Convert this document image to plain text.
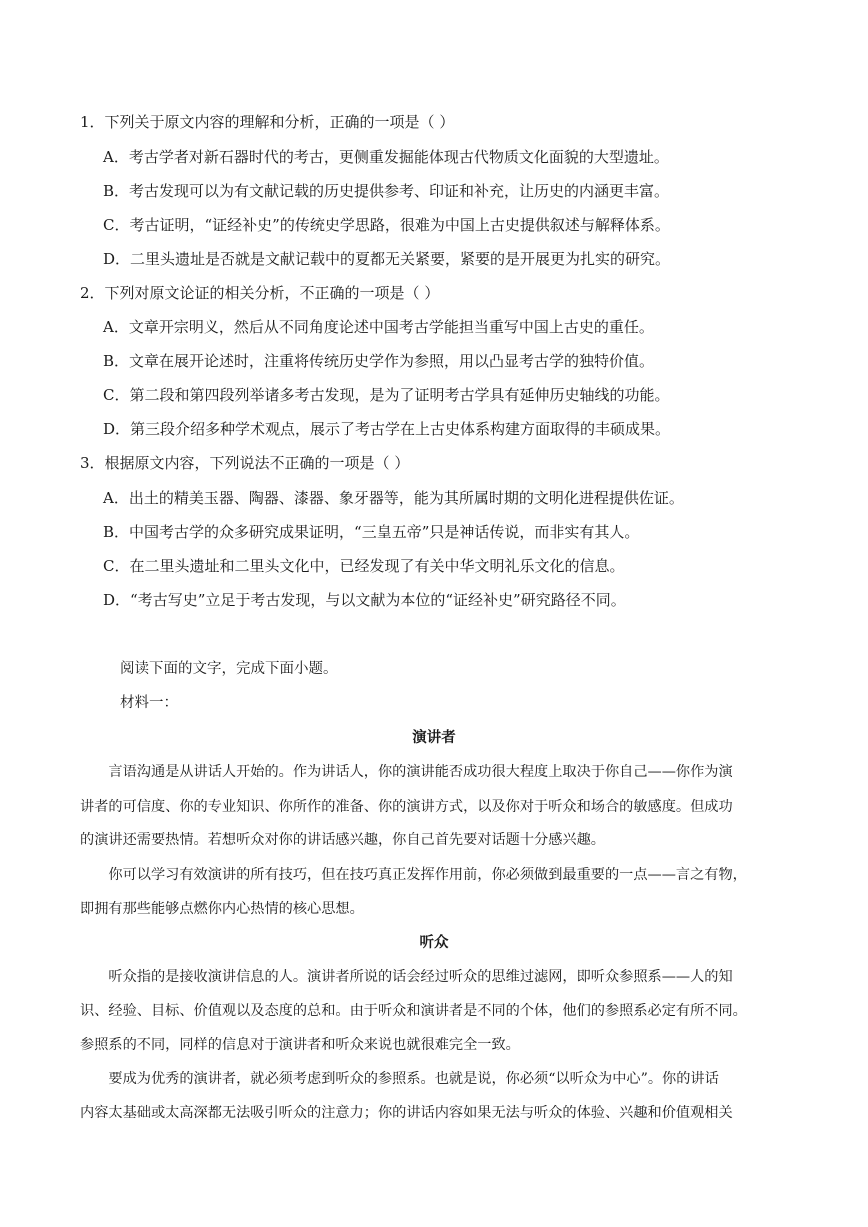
1．下列关于原文内容的理解和分析，正确的一项是（ ）
A．考古学者对新石器时代的考古，更侧重发掘能体现古代物质文化面貌的大型遗址。
B．考古发现可以为有文献记载的历史提供参考、印证和补充，让历史的内涵更丰富。
C．考古证明，“证经补史”的传统史学思路，很难为中国上古史提供叙述与解释体系。
D．二里头遗址是否就是文献记载中的夏都无关紧要，紧要的是开展更为扎实的研究。
2．下列对原文论证的相关分析，不正确的一项是（ ）
A．文章开宗明义，然后从不同角度论述中国考古学能担当重写中国上古史的重任。
B．文章在展开论述时，注重将传统历史学作为参照，用以凸显考古学的独特价值。
C．第二段和第四段列举诸多考古发现，是为了证明考古学具有延伸历史轴线的功能。
D．第三段介绍多种学术观点，展示了考古学在上古史体系构建方面取得的丰硕成果。
3．根据原文内容，下列说法不正确的一项是（ ）
A．出土的精美玉器、陶器、漆器、象牙器等，能为其所属时期的文明化进程提供佐证。
B．中国考古学的众多研究成果证明，“三皇五帝”只是神话传说，而非实有其人。
C．在二里头遗址和二里头文化中，已经发现了有关中华文明礼乐文化的信息。
D．“考古写史”立足于考古发现，与以文献为本位的“证经补史”研究路径不同。
阅读下面的文字，完成下面小题。
材料一：
演讲者
　　言语沟通是从讲话人开始的。作为讲话人，你的演讲能否成功很大程度上取决于你自己——你作为演
讲者的可信度、你的专业知识、你所作的准备、你的演讲方式，以及你对于听众和场合的敏感度。但成功
的演讲还需要热情。若想听众对你的讲话感兴趣，你自己首先要对话题十分感兴趣。
　　你可以学习有效演讲的所有技巧，但在技巧真正发挥作用前，你必须做到最重要的一点——言之有物，
即拥有那些能够点燃你内心热情的核心思想。
听众
　　听众指的是接收演讲信息的人。演讲者所说的话会经过听众的思维过滤网，即听众参照系——人的知
识、经验、目标、价值观以及态度的总和。由于听众和演讲者是不同的个体，他们的参照系必定有所不同。
参照系的不同，同样的信息对于演讲者和听众来说也就很难完全一致。
　　要成为优秀的演讲者，就必须考虑到听众的参照系。也就是说，你必须“以听众为中心”。你的讲话
内容太基础或太高深都无法吸引听众的注意力；你的讲话内容如果无法与听众的体验、兴趣和价值观相关
